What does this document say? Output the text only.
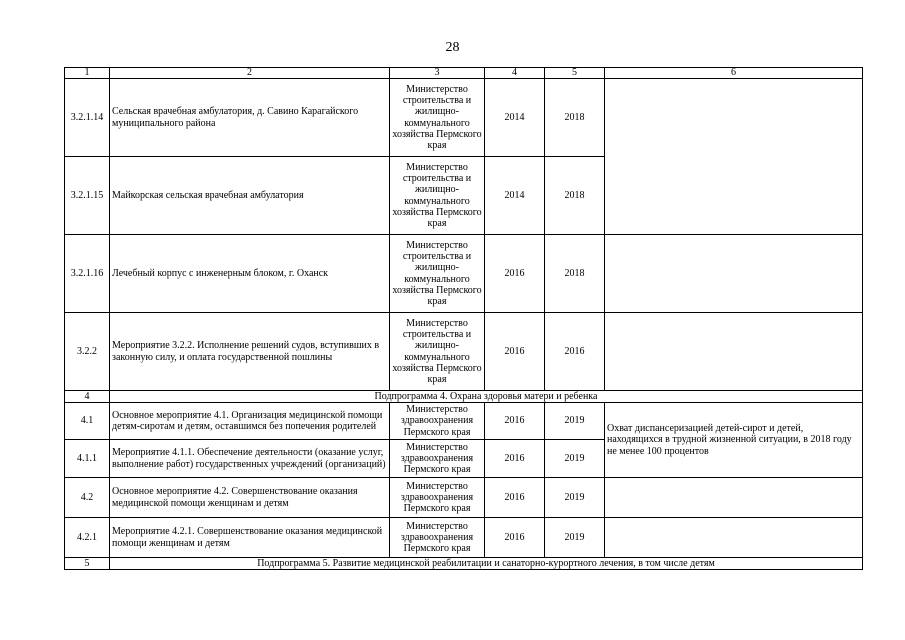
28
1	2	3	4	5	6
3.2.1.14	Сельская врачебная амбулатория, д. Савино Карагайского муниципального района	Министерство строительства и жилищно-коммунального хозяйства Пермского края	2014	2018	
3.2.1.15	Майкорская сельская врачебная амбулатория	Министерство строительства и жилищно-коммунального хозяйства Пермского края	2014	2018	
3.2.1.16	Лечебный корпус с инженерным блоком, г. Оханск	Министерство строительства и жилищно-коммунального хозяйства Пермского края	2016	2018	
3.2.2	Мероприятие 3.2.2. Исполнение решений судов, вступивших в законную силу, и оплата государственной пошлины	Министерство строительства и жилищно-коммунального хозяйства Пермского края	2016	2016	
4	Подпрограмма 4. Охрана здоровья матери и ребенка				
4.1	Основное мероприятие 4.1. Организация медицинской помощи детям-сиротам и детям, оставшимся без попечения родителей	Министерство здравоохранения Пермского края	2016	2019	Охват диспансеризацией детей-сирот и детей, находящихся в трудной жизненной ситуации, в 2018 году не менее 100 процентов
4.1.1	Мероприятие 4.1.1. Обеспечение деятельности (оказание услуг, выполнение работ) государственных учреждений (организаций)	Министерство здравоохранения Пермского края	2016	2019	
4.2	Основное мероприятие 4.2. Совершенствование оказания медицинской помощи женщинам и детям	Министерство здравоохранения Пермского края	2016	2019	
4.2.1	Мероприятие 4.2.1. Совершенствование оказания медицинской помощи женщинам и детям	Министерство здравоохранения Пермского края	2016	2019	
5	Подпрограмма 5. Развитие медицинской реабилитации и санаторно-курортного лечения, в том числе детям				
